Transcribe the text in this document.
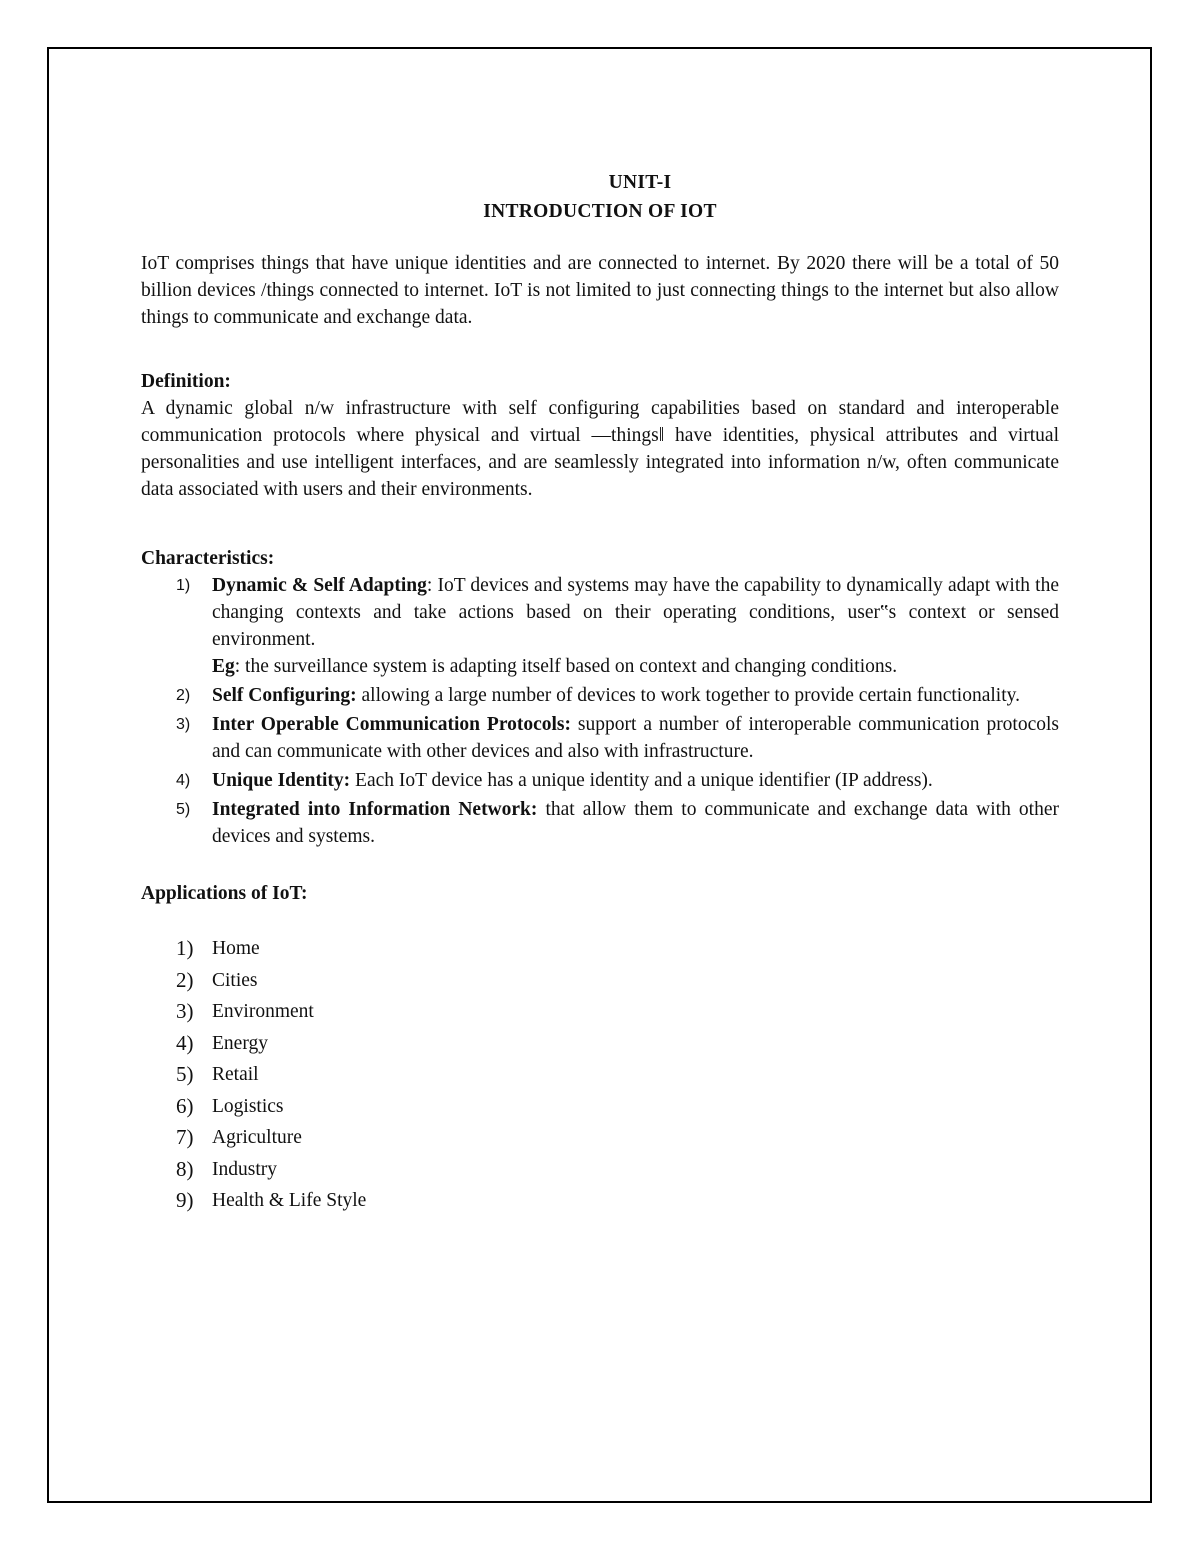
UNIT-I
INTRODUCTION OF IOT

IoT comprises things that have unique identities and are connected to internet. By 2020 there will be a total of 50 billion devices /things connected to internet. IoT is not limited to just connecting things to the internet but also allow things to communicate and exchange data.

Definition:

A dynamic global n/w infrastructure with self configuring capabilities based on standard and interoperable communication protocols where physical and virtual ―things‖ have identities, physical attributes and virtual personalities and use intelligent interfaces, and are seamlessly integrated into information n/w, often communicate data associated with users and their environments.

Characteristics:

1)	Dynamic & Self Adapting: IoT devices and systems may have the capability to dynamically adapt with the changing contexts and take actions based on their operating conditions, user‟s context or sensed environment.
Eg: the surveillance system is adapting itself based on context and changing conditions.
2)	Self Configuring: allowing a large number of devices to work together to provide certain functionality.
3)	Inter Operable Communication Protocols: support a number of interoperable communication protocols and can communicate with other devices and also with infrastructure.
4)	Unique Identity: Each IoT device has a unique identity and a unique identifier (IP address).
5)	Integrated into Information Network: that allow them to communicate and exchange data with other devices and systems.

Applications of IoT:

1) Home
2) Cities
3) Environment
4) Energy
5) Retail
6) Logistics
7) Agriculture
8) Industry
9) Health & Life Style
